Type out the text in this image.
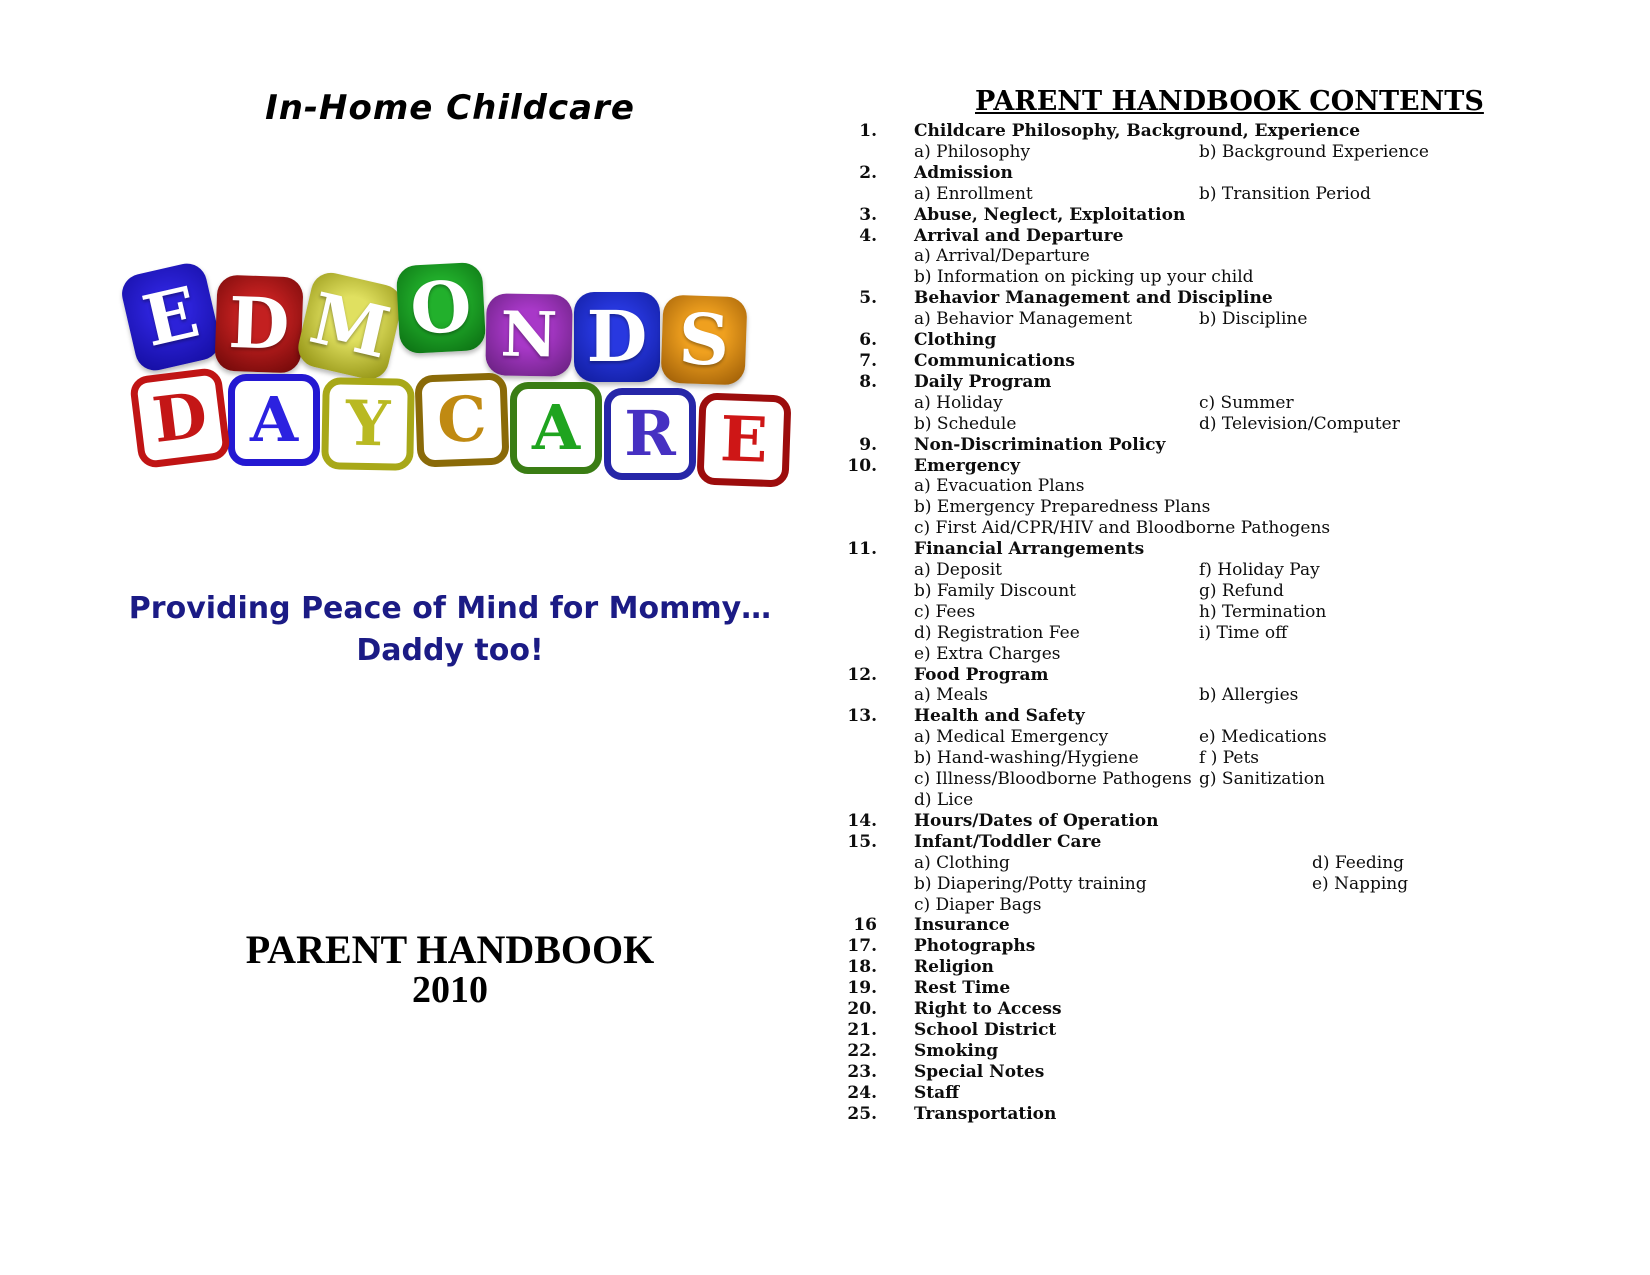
In-Home Childcare
E D M O N D S
D A Y C A R E
Providing Peace of Mind for Mommy…
Daddy too!
PARENT HANDBOOK
2010
PARENT HANDBOOK CONTENTS
1. Childcare Philosophy, Background, Experience
a) Philosophy	b) Background Experience
2. Admission
a) Enrollment	b) Transition Period
3. Abuse, Neglect, Exploitation
4. Arrival and Departure
a) Arrival/Departure
b) Information on picking up your child
5. Behavior Management and Discipline
a) Behavior Management	b) Discipline
6. Clothing
7. Communications
8. Daily Program
a) Holiday	c) Summer
b) Schedule	d) Television/Computer
9. Non-Discrimination Policy
10. Emergency
a) Evacuation Plans
b) Emergency Preparedness Plans
c) First Aid/CPR/HIV and Bloodborne Pathogens
11. Financial Arrangements
a) Deposit	f) Holiday Pay
b) Family Discount	g) Refund
c) Fees	h) Termination
d) Registration Fee	i) Time off
e) Extra Charges
12. Food Program
a) Meals	b) Allergies
13. Health and Safety
a) Medical Emergency	e) Medications
b) Hand-washing/Hygiene	f ) Pets
c) Illness/Bloodborne Pathogens g) Sanitization
d) Lice
14. Hours/Dates of Operation
15. Infant/Toddler Care
a) Clothing	d) Feeding
b) Diapering/Potty training	e) Napping
c) Diaper Bags
16 Insurance
17. Photographs
18. Religion
19. Rest Time
20. Right to Access
21. School District
22. Smoking
23. Special Notes
24. Staff
25. Transportation
